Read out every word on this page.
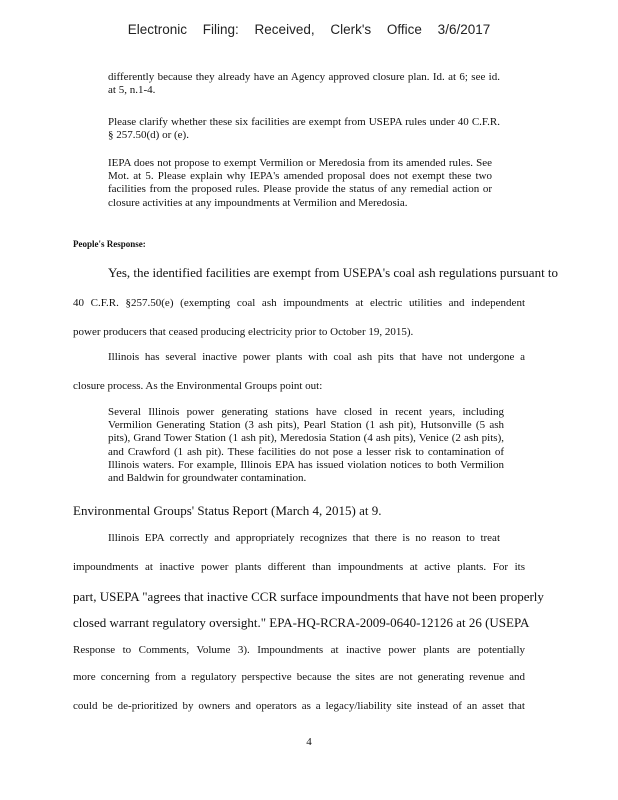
Electronic Filing: Received, Clerk's Office 3/6/2017
differently because they already have an Agency approved closure plan. Id. at 6; see id. at 5, n.1-4.
Please clarify whether these six facilities are exempt from USEPA rules under 40 C.F.R. § 257.50(d) or (e).
IEPA does not propose to exempt Vermilion or Meredosia from its amended rules. See Mot. at 5. Please explain why IEPA's amended proposal does not exempt these two facilities from the proposed rules. Please provide the status of any remedial action or closure activities at any impoundments at Vermilion and Meredosia.
People's Response:
Yes, the identified facilities are exempt from USEPA's coal ash regulations pursuant to
40 C.F.R. §257.50(e) (exempting coal ash impoundments at electric utilities and independent
power producers that ceased producing electricity prior to October 19, 2015).
Illinois has several inactive power plants with coal ash pits that have not undergone a
closure process. As the Environmental Groups point out:
Several Illinois power generating stations have closed in recent years, including Vermilion Generating Station (3 ash pits), Pearl Station (1 ash pit), Hutsonville (5 ash pits), Grand Tower Station (1 ash pit), Meredosia Station (4 ash pits), Venice (2 ash pits), and Crawford (1 ash pit). These facilities do not pose a lesser risk to contamination of Illinois waters. For example, Illinois EPA has issued violation notices to both Vermilion and Baldwin for groundwater contamination.
Environmental Groups' Status Report (March 4, 2015) at 9.
Illinois EPA correctly and appropriately recognizes that there is no reason to treat
impoundments at inactive power plants different than impoundments at active plants. For its
part, USEPA "agrees that inactive CCR surface impoundments that have not been properly
closed warrant regulatory oversight." EPA-HQ-RCRA-2009-0640-12126 at 26 (USEPA
Response to Comments, Volume 3). Impoundments at inactive power plants are potentially
more concerning from a regulatory perspective because the sites are not generating revenue and
could be de-prioritized by owners and operators as a legacy/liability site instead of an asset that
4
